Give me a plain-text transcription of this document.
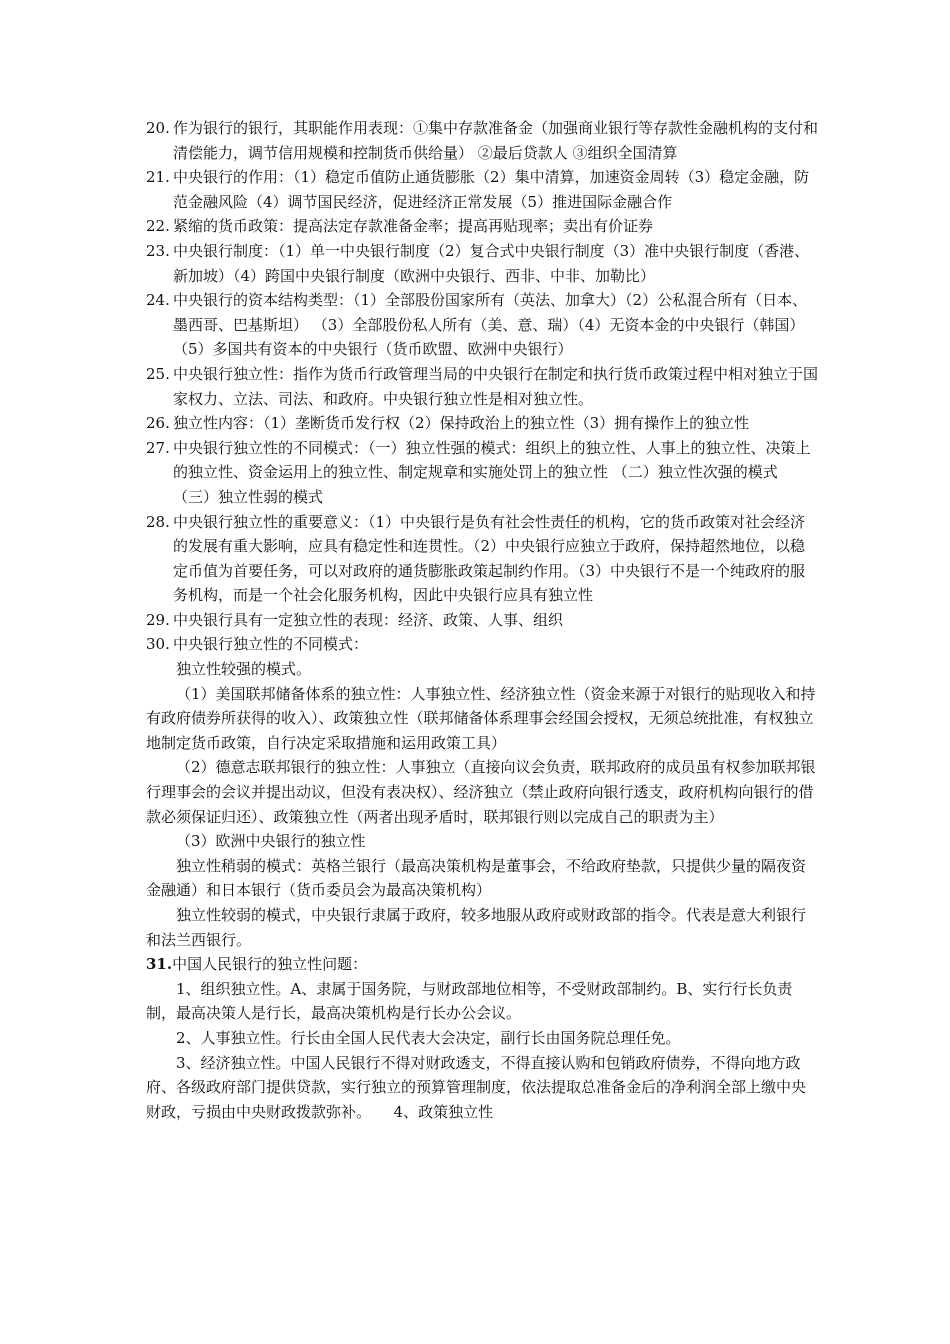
20. 作为银行的银行，其职能作用表现：①集中存款准备金（加强商业银行等存款性金融机构的支付和清偿能力，调节信用规模和控制货币供给量） ②最后贷款人 ③组织全国清算
21. 中央银行的作用：（1）稳定币值防止通货膨胀（2）集中清算，加速资金周转（3）稳定金融，防范金融风险（4）调节国民经济，促进经济正常发展（5）推进国际金融合作
22. 紧缩的货币政策：提高法定存款准备金率；提高再贴现率；卖出有价证券
23. 中央银行制度：（1）单一中央银行制度（2）复合式中央银行制度（3）准中央银行制度（香港、新加坡）（4）跨国中央银行制度（欧洲中央银行、西非、中非、加勒比）
24. 中央银行的资本结构类型：（1）全部股份国家所有（英法、加拿大）（2）公私混合所有（日本、墨西哥、巴基斯坦） （3）全部股份私人所有（美、意、瑞）（4）无资本金的中央银行（韩国）（5）多国共有资本的中央银行（货币欧盟、欧洲中央银行）
25. 中央银行独立性：指作为货币行政管理当局的中央银行在制定和执行货币政策过程中相对独立于国家权力、立法、司法、和政府。中央银行独立性是相对独立性。
26. 独立性内容：（1）垄断货币发行权（2）保持政治上的独立性（3）拥有操作上的独立性
27. 中央银行独立性的不同模式：（一）独立性强的模式：组织上的独立性、人事上的独立性、决策上的独立性、资金运用上的独立性、制定规章和实施处罚上的独立性 （二）独立性次强的模式 （三）独立性弱的模式
28. 中央银行独立性的重要意义：（1）中央银行是负有社会性责任的机构，它的货币政策对社会经济的发展有重大影响，应具有稳定性和连贯性。（2）中央银行应独立于政府，保持超然地位，以稳定币值为首要任务，可以对政府的通货膨胀政策起制约作用。（3）中央银行不是一个纯政府的服务机构，而是一个社会化服务机构，因此中央银行应具有独立性
29. 中央银行具有一定独立性的表现：经济、政策、人事、组织
30. 中央银行独立性的不同模式：
独立性较强的模式。
（1）美国联邦储备体系的独立性：人事独立性、经济独立性（资金来源于对银行的贴现收入和持有政府债券所获得的收入）、政策独立性（联邦储备体系理事会经国会授权，无须总统批准，有权独立地制定货币政策，自行决定采取措施和运用政策工具）
（2）德意志联邦银行的独立性：人事独立（直接向议会负责，联邦政府的成员虽有权参加联邦银行理事会的会议并提出动议，但没有表决权）、经济独立（禁止政府向银行透支，政府机构向银行的借款必须保证归还）、政策独立性（两者出现矛盾时，联邦银行则以完成自己的职责为主）
（3）欧洲中央银行的独立性
独立性稍弱的模式：英格兰银行（最高决策机构是董事会，不给政府垫款，只提供少量的隔夜资金融通）和日本银行（货币委员会为最高决策机构）
独立性较弱的模式，中央银行隶属于政府，较多地服从政府或财政部的指令。代表是意大利银行和法兰西银行。
31.中国人民银行的独立性问题：
1、组织独立性。A、隶属于国务院，与财政部地位相等，不受财政部制约。B、实行行长负责制，最高决策人是行长，最高决策机构是行长办公会议。
2、人事独立性。行长由全国人民代表大会决定，副行长由国务院总理任免。
3、经济独立性。中国人民银行不得对财政透支，不得直接认购和包销政府债券，不得向地方政府、各级政府部门提供贷款，实行独立的预算管理制度，依法提取总准备金后的净利润全部上缴中央财政，亏损由中央财政拨款弥补。　　 4、政策独立性
